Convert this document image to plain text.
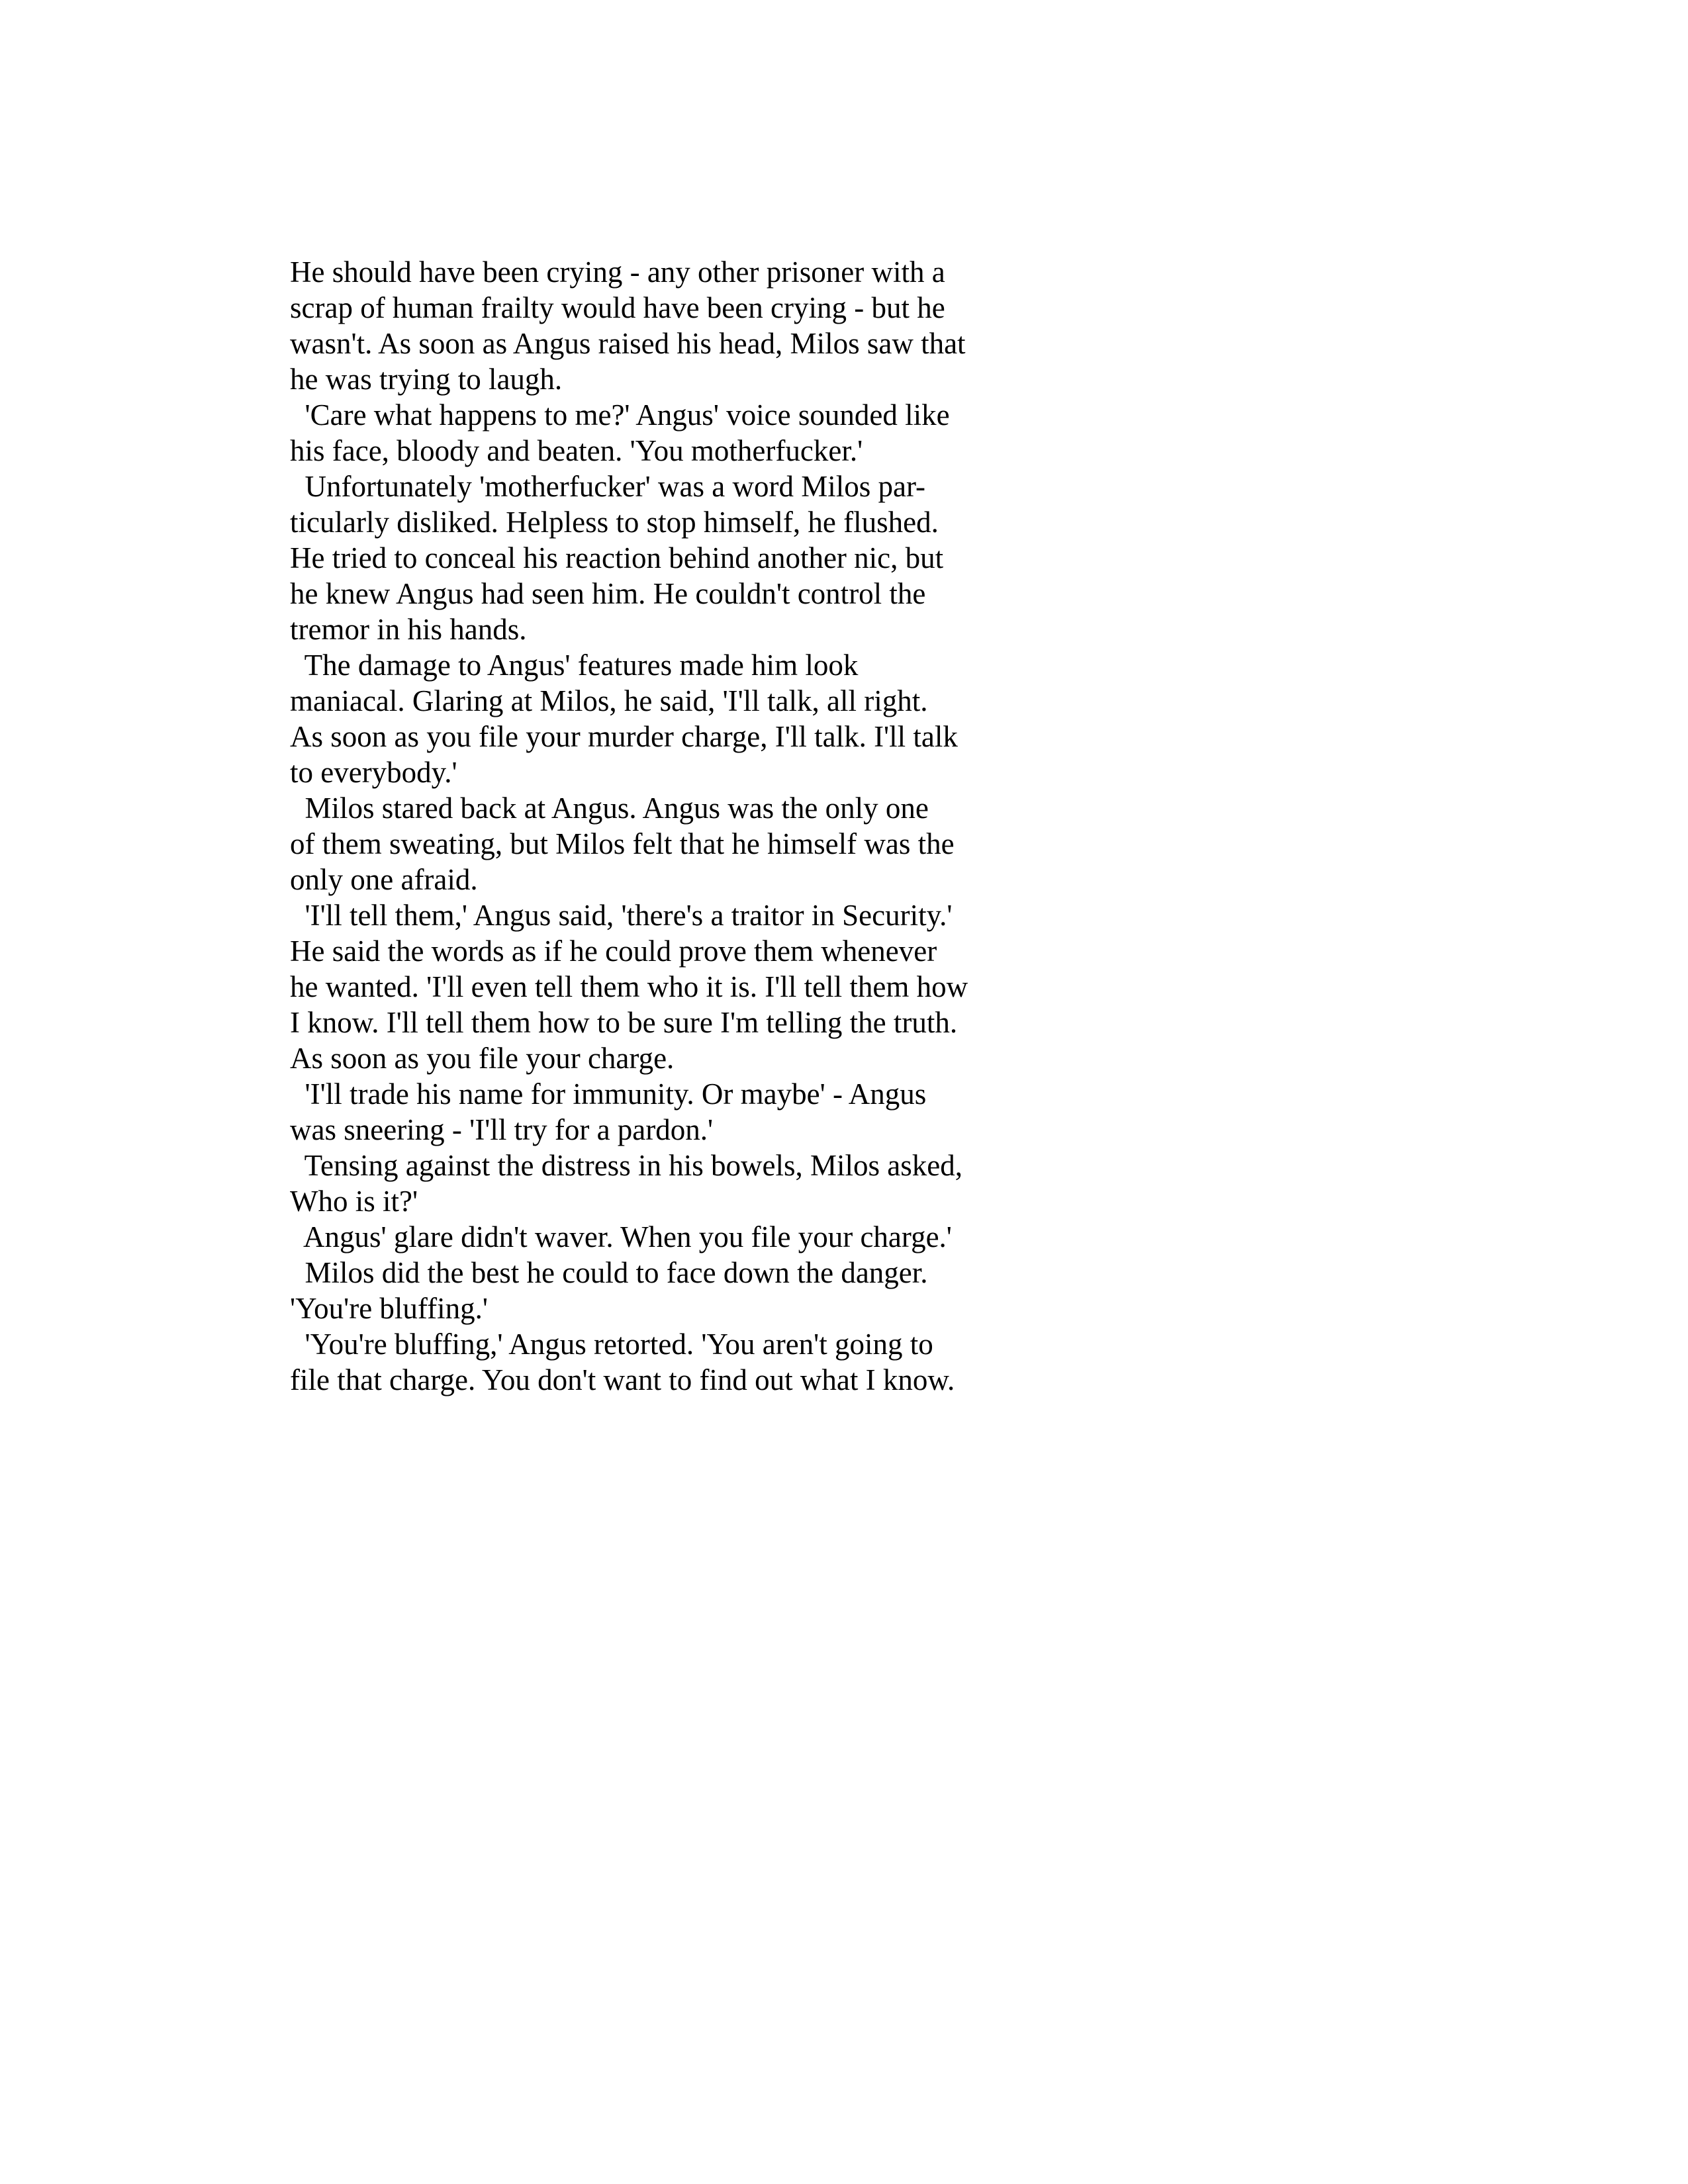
He should have been crying - any other prisoner with a
scrap of human frailty would have been crying - but he
wasn't. As soon as Angus raised his head, Milos saw that
he was trying to laugh.
'Care what happens to me?' Angus' voice sounded like
his face, bloody and beaten. 'You motherfucker.'
Unfortunately 'motherfucker' was a word Milos par-
ticularly disliked. Helpless to stop himself, he flushed.
He tried to conceal his reaction behind another nic, but
he knew Angus had seen him. He couldn't control the
tremor in his hands.
The damage to Angus' features made him look
maniacal. Glaring at Milos, he said, 'I'll talk, all right.
As soon as you file your murder charge, I'll talk. I'll talk
to everybody.'
Milos stared back at Angus. Angus was the only one
of them sweating, but Milos felt that he himself was the
only one afraid.
'I'll tell them,' Angus said, 'there's a traitor in Security.'
He said the words as if he could prove them whenever
he wanted. 'I'll even tell them who it is. I'll tell them how
I know. I'll tell them how to be sure I'm telling the truth.
As soon as you file your charge.
'I'll trade his name for immunity. Or maybe' - Angus
was sneering - 'I'll try for a pardon.'
Tensing against the distress in his bowels, Milos asked,
Who is it?'
Angus' glare didn't waver. When you file your charge.'
Milos did the best he could to face down the danger.
'You're bluffing.'
'You're bluffing,' Angus retorted. 'You aren't going to
file that charge. You don't want to find out what I know.
